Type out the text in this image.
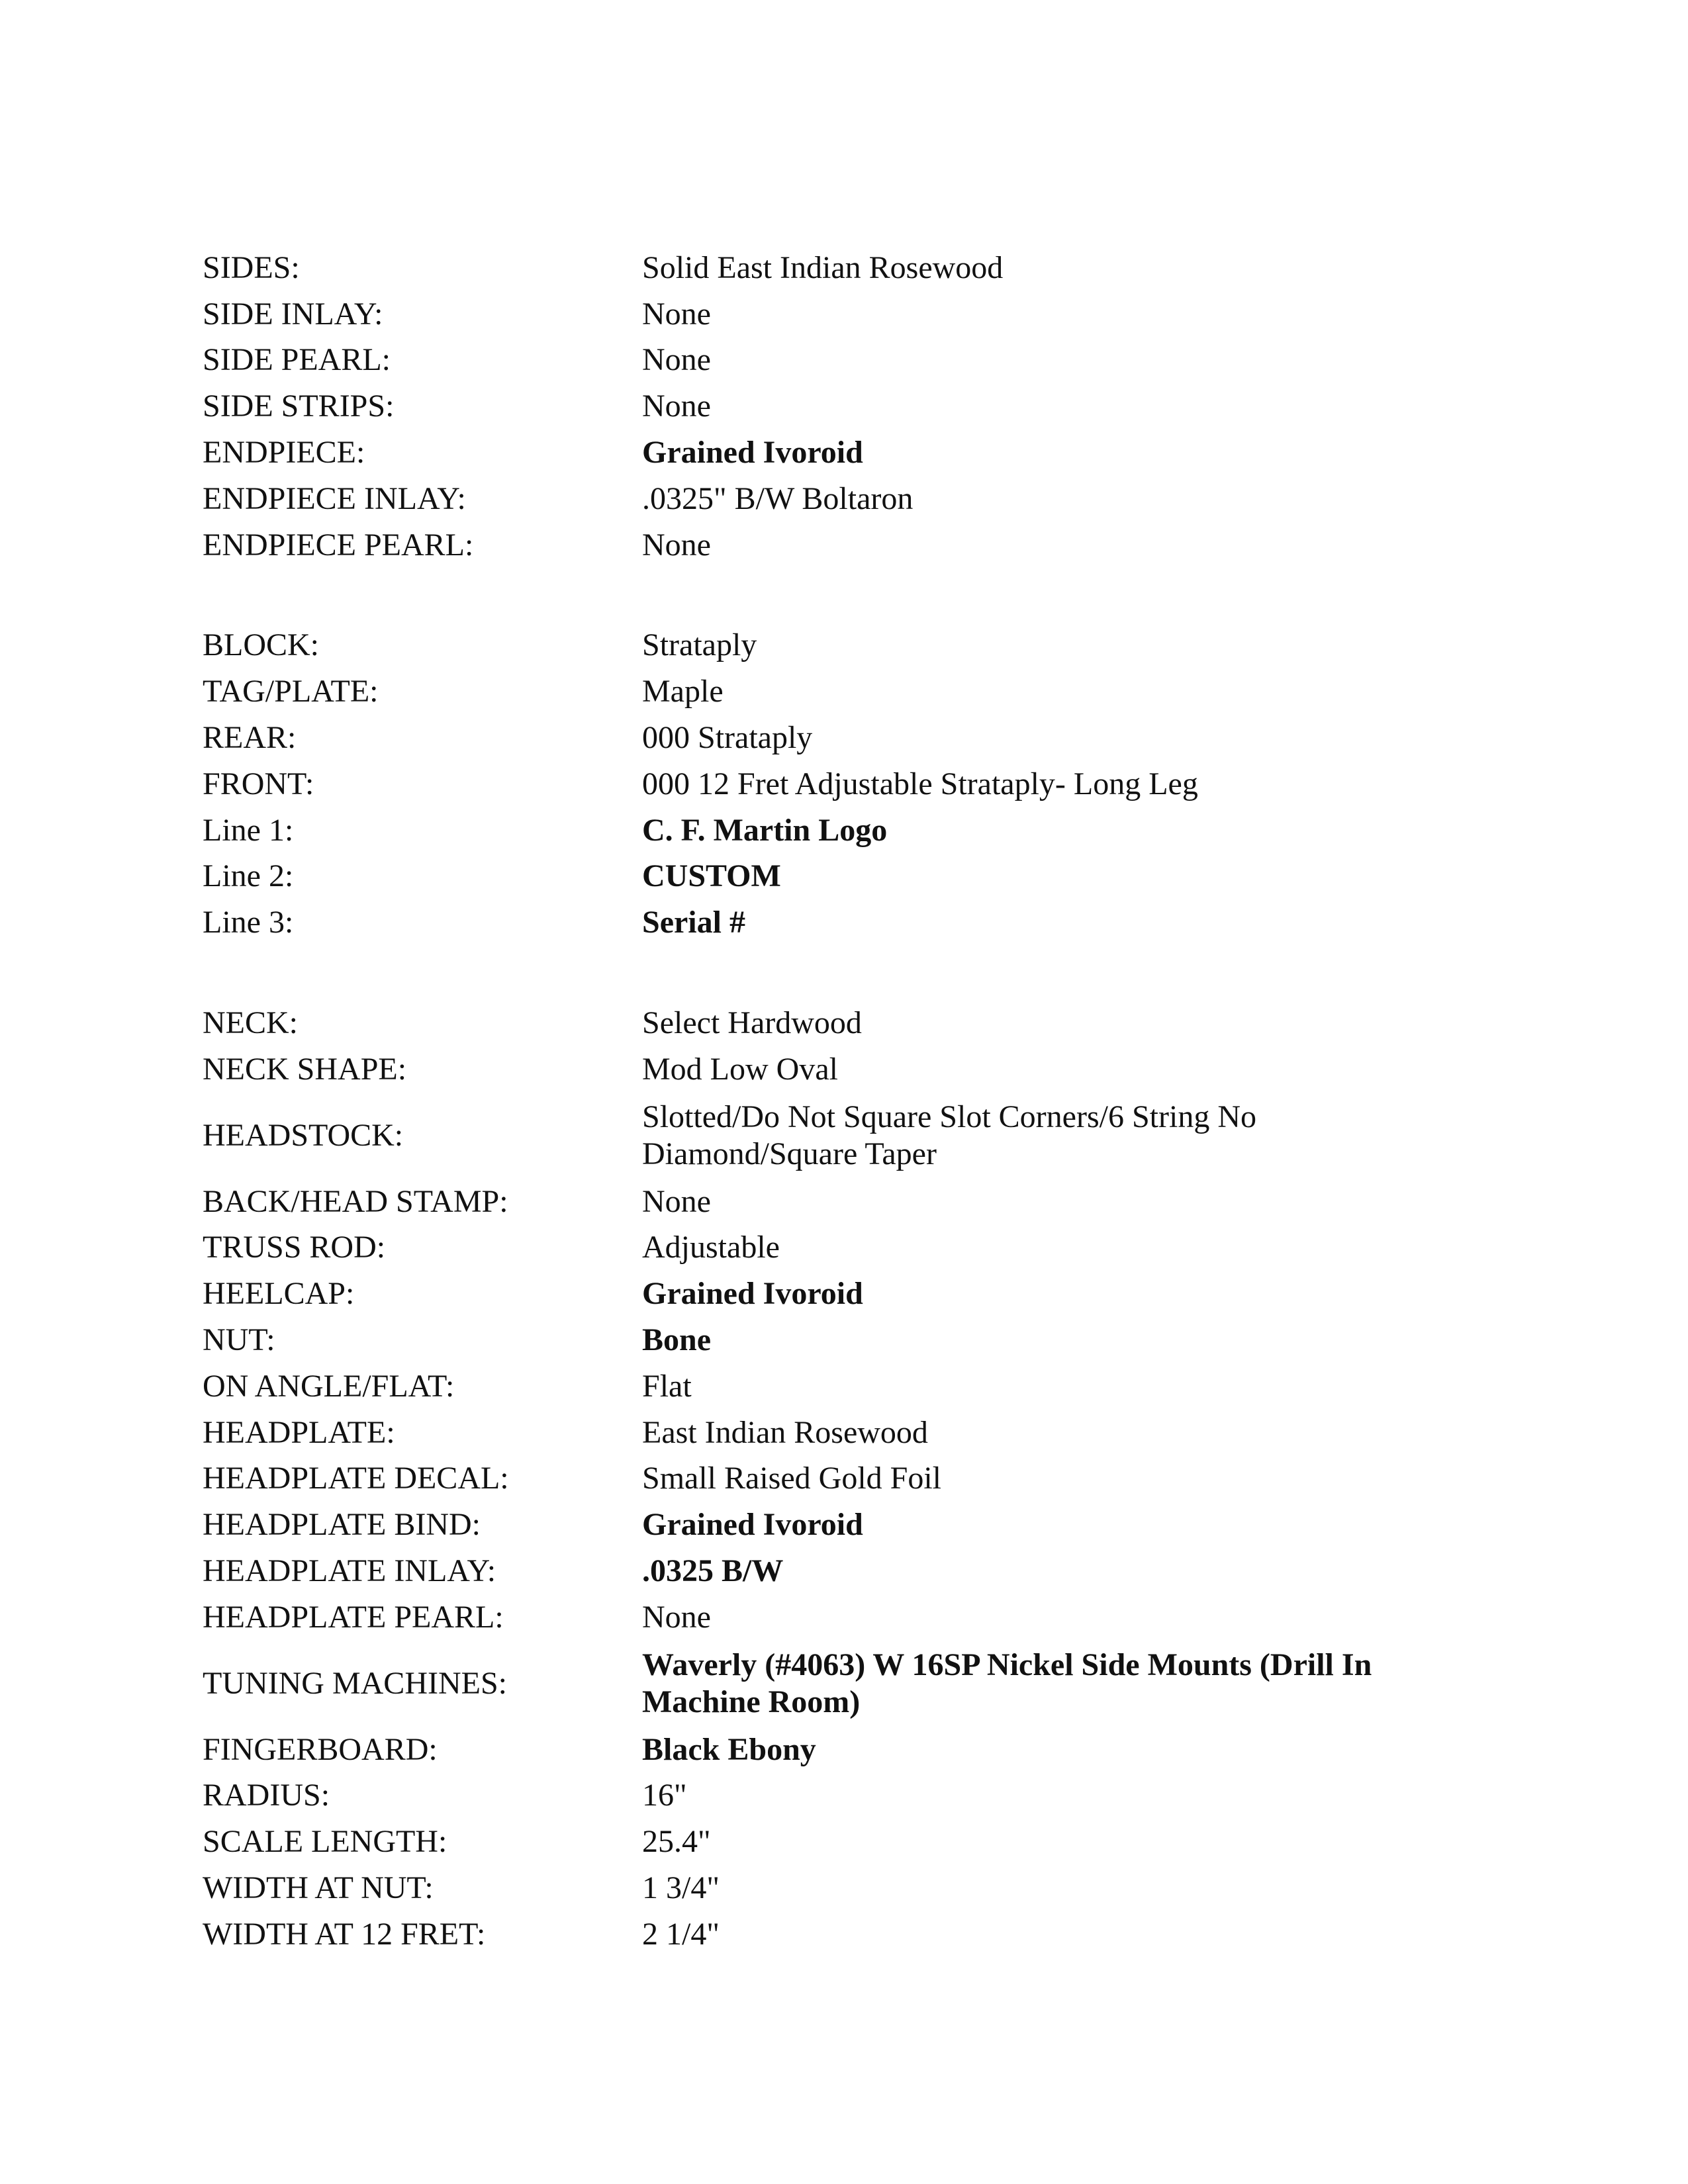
SIDES:	Solid East Indian Rosewood
SIDE INLAY:	None
SIDE PEARL:	None
SIDE STRIPS:	None
ENDPIECE:	Grained Ivoroid
ENDPIECE INLAY:	.0325" B/W Boltaron
ENDPIECE PEARL:	None
BLOCK:	Strataply
TAG/PLATE:	Maple
REAR:	000 Strataply
FRONT:	000 12 Fret Adjustable Strataply- Long Leg
Line 1:	C. F. Martin Logo
Line 2:	CUSTOM
Line 3:	Serial #
NECK:	Select Hardwood
NECK SHAPE:	Mod Low Oval
HEADSTOCK:
Slotted/Do Not Square Slot Corners/6 String No Diamond/Square Taper
BACK/HEAD STAMP:	None
TRUSS ROD:	Adjustable
HEELCAP:	Grained Ivoroid
NUT:	Bone
ON ANGLE/FLAT:	Flat
HEADPLATE:	East Indian Rosewood
HEADPLATE DECAL:	Small Raised Gold Foil
HEADPLATE BIND:	Grained Ivoroid
HEADPLATE INLAY:	.0325 B/W
HEADPLATE PEARL:	None
TUNING MACHINES:
Waverly (#4063) W 16SP Nickel Side Mounts (Drill In Machine Room)
FINGERBOARD:	Black Ebony
RADIUS:	16"
SCALE LENGTH:	25.4"
WIDTH AT NUT:	1 3/4"
WIDTH AT 12 FRET:	2 1/4"
